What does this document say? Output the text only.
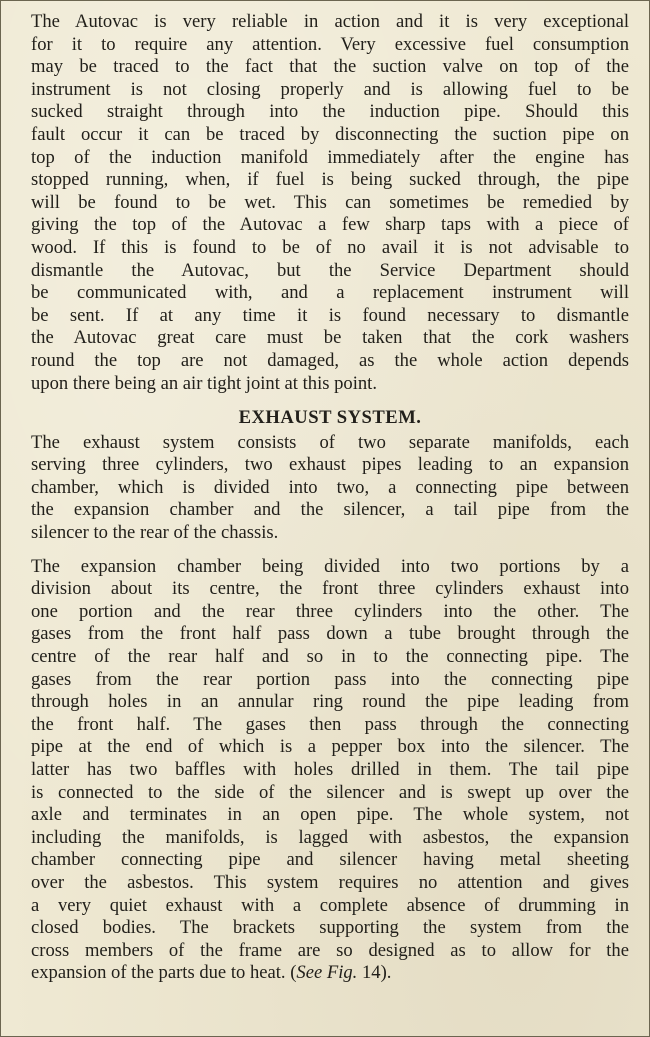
The Autovac is very reliable in action and it is very exceptional
for it to require any attention. Very excessive fuel consumption
may be traced to the fact that the suction valve on top of the
instrument is not closing properly and is allowing fuel to be
sucked straight through into the induction pipe. Should this
fault occur it can be traced by disconnecting the suction pipe on
top of the induction manifold immediately after the engine has
stopped running, when, if fuel is being sucked through, the pipe
will be found to be wet. This can sometimes be remedied by
giving the top of the Autovac a few sharp taps with a piece of
wood. If this is found to be of no avail it is not advisable to
dismantle the Autovac, but the Service Department should
be communicated with, and a replacement instrument will
be sent. If at any time it is found necessary to dismantle
the Autovac great care must be taken that the cork washers
round the top are not damaged, as the whole action depends
upon there being an air tight joint at this point.
EXHAUST SYSTEM.
The exhaust system consists of two separate manifolds, each
serving three cylinders, two exhaust pipes leading to an expansion
chamber, which is divided into two, a connecting pipe between
the expansion chamber and the silencer, a tail pipe from the
silencer to the rear of the chassis.
The expansion chamber being divided into two portions by a
division about its centre, the front three cylinders exhaust into
one portion and the rear three cylinders into the other. The
gases from the front half pass down a tube brought through the
centre of the rear half and so in to the connecting pipe. The
gases from the rear portion pass into the connecting pipe
through holes in an annular ring round the pipe leading from
the front half. The gases then pass through the connecting
pipe at the end of which is a pepper box into the silencer. The
latter has two baffles with holes drilled in them. The tail pipe
is connected to the side of the silencer and is swept up over the
axle and terminates in an open pipe. The whole system, not
including the manifolds, is lagged with asbestos, the expansion
chamber connecting pipe and silencer having metal sheeting
over the asbestos. This system requires no attention and gives
a very quiet exhaust with a complete absence of drumming in
closed bodies. The brackets supporting the system from the
cross members of the frame are so designed as to allow for the
expansion of the parts due to heat. (See Fig. 14).
